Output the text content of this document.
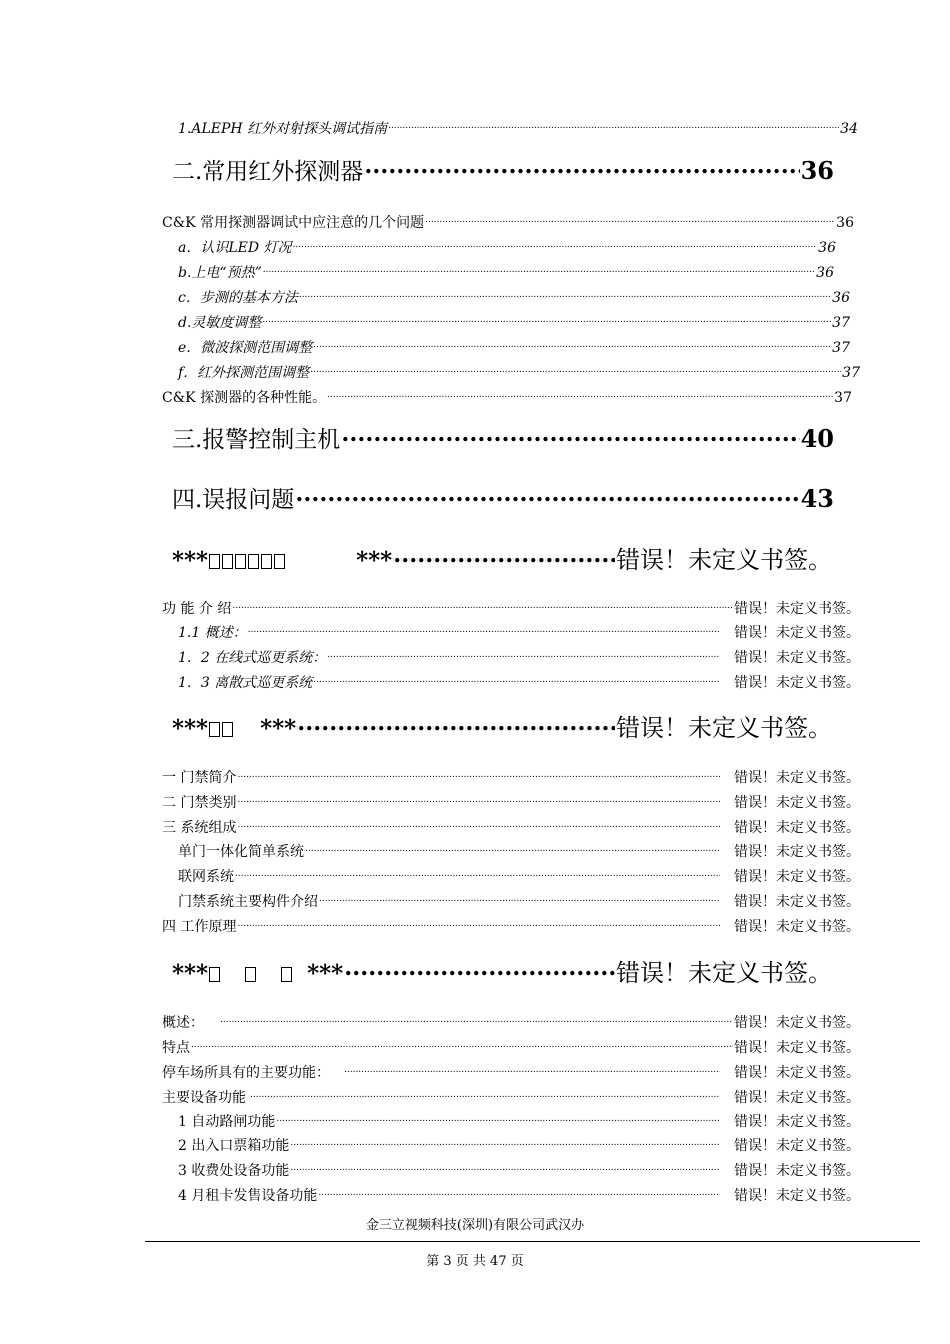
1.ALEPH 红外对射探头调试指南 .....	34
二.常用红外探测器 .....	36
C&K 常用探测器调试中应注意的几个问题 .....	36
a．认识LED 灯况 .....	36
b.上电“预热” .....	36
c．步测的基本方法 .....	36
d.灵敏度调整 .....	37
e．微波探测范围调整 .....	37
f．红外探测范围调整 .....	37
C&K 探测器的各种性能。 .....	37
三.报警控制主机 .....	40
四.误报问题 .....	43
***	*** .....	错误！未定义书签。
功 能 介 绍 .....	错误！未定义书签。
1.1 概述： .....	错误！未定义书签。
1．2 在线式巡更系统： .....	错误！未定义书签。
1．3 离散式巡更系统 .....	错误！未定义书签。
*** *** .....	错误！未定义书签。
一 门禁简介 .....	错误！未定义书签。
二 门禁类别 .....	错误！未定义书签。
三 系统组成 .....	错误！未定义书签。
单门一体化简单系统 .....	错误！未定义书签。
联网系统 .....	错误！未定义书签。
门禁系统主要构件介绍 .....	错误！未定义书签。
四 工作原理 .....	错误！未定义书签。
***	*** .....	错误！未定义书签。
概述： .....	错误！未定义书签。
特点 .....	错误！未定义书签。
停车场所具有的主要功能： .....	错误！未定义书签。
主要设备功能 .....	错误！未定义书签。
1 自动路闸功能 .....	错误！未定义书签。
2 出入口票箱功能 .....	错误！未定义书签。
3 收费处设备功能 .....	错误！未定义书签。
4 月租卡发售设备功能 .....	错误！未定义书签。
金三立视频科技(深圳)有限公司武汉办
第 3 页 共 47 页
